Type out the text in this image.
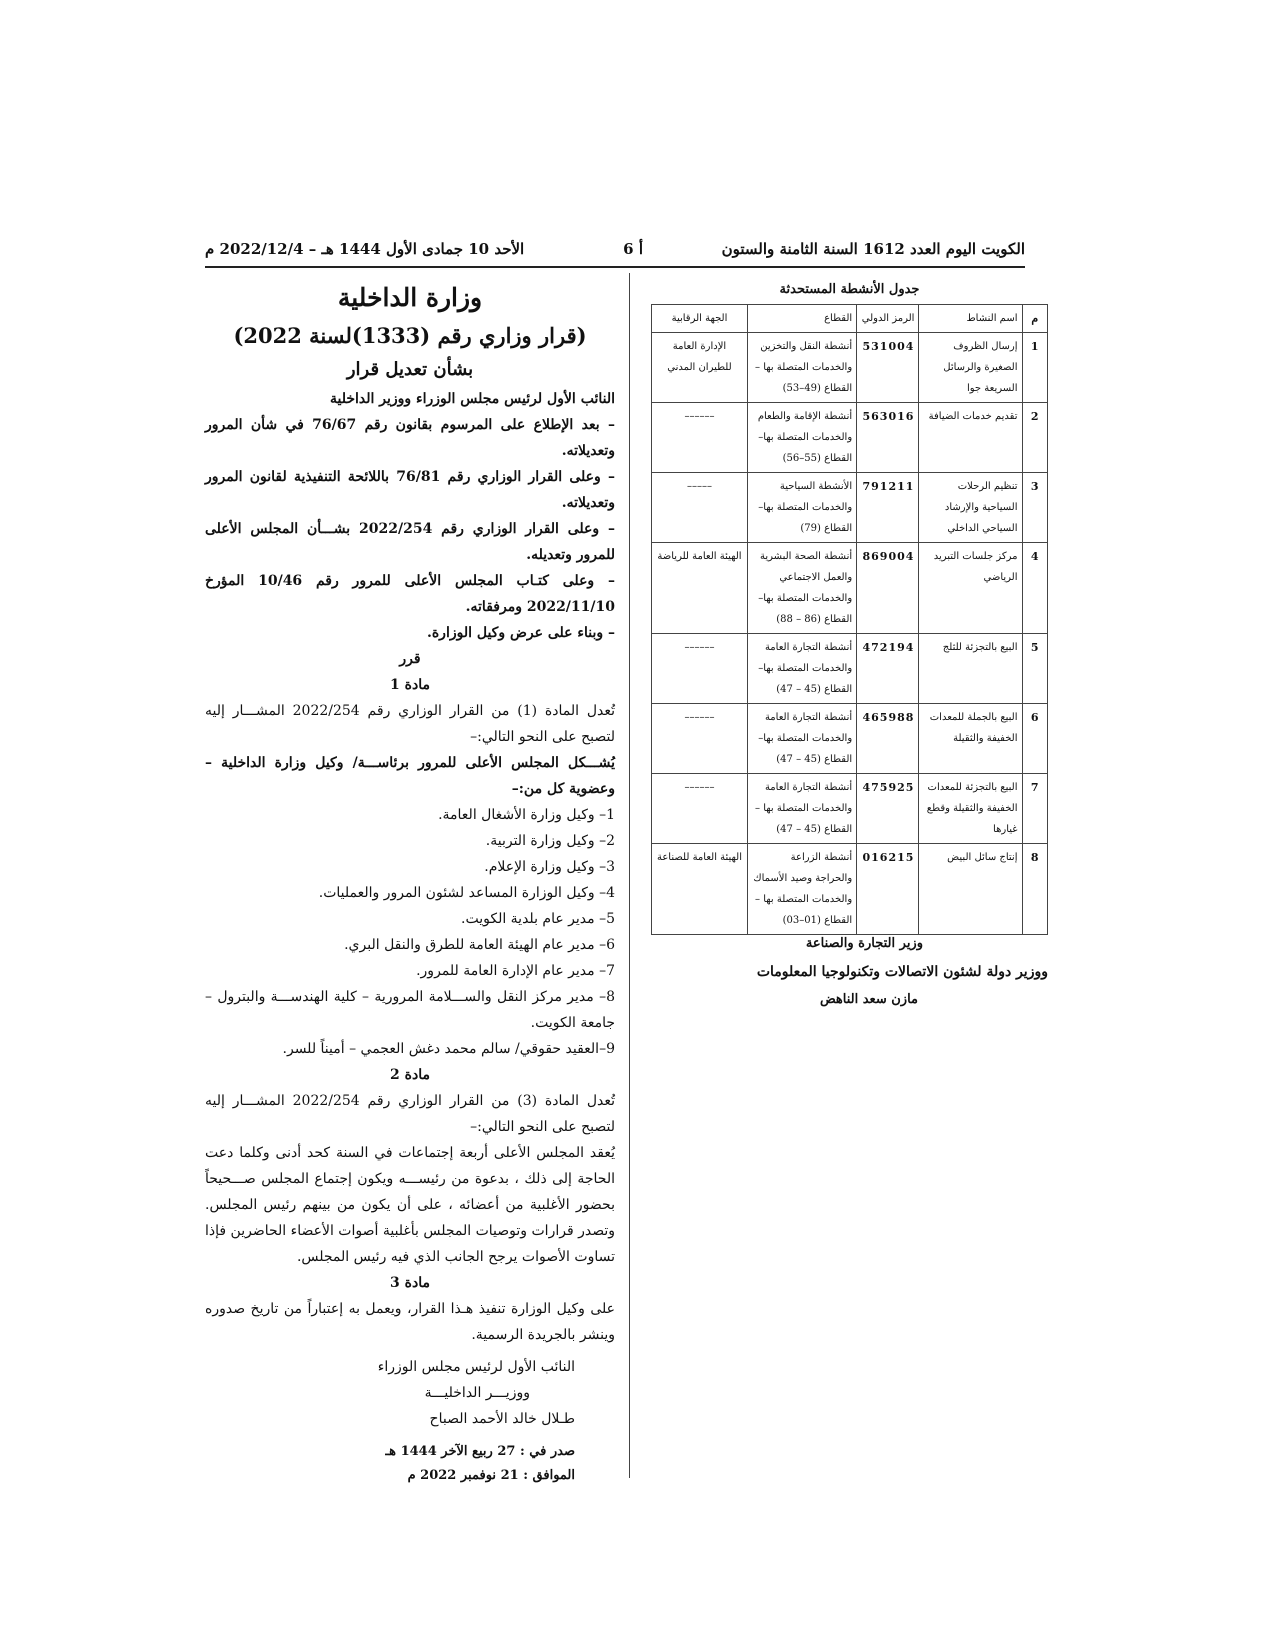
الكويت اليوم العدد 1612 السنة الثامنة والستون
أ 6
الأحد 10 جمادى الأول 1444 هـ – 2022/12/4 م

وزارة الداخلية

(قرار وزاري رقم (1333)لسنة 2022)

بشأن تعديل قرار

النائب الأول لرئيس مجلس الوزراء ووزير الداخلية

– بعد الإطلاع على المرسوم بقانون رقم 76/67 في شأن المرور وتعديلاته.

– وعلى القرار الوزاري رقم 76/81 باللائحة التنفيذية لقانون المرور وتعديلاته.

– وعلى القرار الوزاري رقم 2022/254 بشـــأن المجلس الأعلى للمرور وتعديله.

– وعلى كتـاب المجلس الأعلى للمرور رقم 10/46 المؤرخ 2022/11/10 ومرفقاته.

– وبناء على عرض وكيل الوزارة.

قرر

مادة 1

تُعدل المادة (1) من القرار الوزاري رقم 2022/254 المشـــار إليه لتصبح على النحو التالي:–

يُشـــكل المجلس الأعلى للمرور برئاســـة/ وكيل وزارة الداخلية – وعضوية كل من:–

1– وكيل وزارة الأشغال العامة.

2– وكيل وزارة التربية.

3– وكيل وزارة الإعلام.

4– وكيل الوزارة المساعد لشئون المرور والعمليات.

5– مدير عام بلدية الكويت.

6– مدير عام الهيئة العامة للطرق والنقل البري.

7– مدير عام الإدارة العامة للمرور.

8– مدير مركز النقل والســـلامة المرورية – كلية الهندســـة والبترول – جامعة الكويت.

9–العقيد حقوقي/ سالم محمد دغش العجمي – أميناً للسر.

مادة 2

تُعدل المادة (3) من القرار الوزاري رقم 2022/254 المشـــار إليه لتصبح على النحو التالي:–

يُعقد المجلس الأعلى أربعة إجتماعات في السنة كحد أدنى وكلما دعت الحاجة إلى ذلك ، بدعوة من رئيســـه ويكون إجتماع المجلس صـــحيحاً بحضور الأغلبية من أعضائه ، على أن يكون من بينهم رئيس المجلس. وتصدر قرارات وتوصيات المجلس بأغلبية أصوات الأعضاء الحاضرين فإذا تساوت الأصوات يرجح الجانب الذي فيه رئيس المجلس.

مادة 3

على وكيل الوزارة تنفيذ هـذا القرار، ويعمل به إعتباراً من تاريخ صدوره وينشر بالجريدة الرسمية.

النائب الأول لرئيس مجلس الوزراء

ووزيـــر الداخليـــة

طـلال خالد الأحمد الصباح

صدر في : 27 ربيع الآخر 1444 هـ

الموافق : 21 نوفمبر 2022 م

جدول الأنشطة المستحدثة
م	اسم النشاط	الرمز الدولي	القطاع	الجهة الرقابية
1	إرسال الظروف الصغيرة والرسائل السريعة جوا	531004	أنشطة النقل والتخزين والخدمات المتصلة بها – القطاع (49–53)	الإدارة العامة للطيران المدني
2	تقديم خدمات الضيافة	563016	أنشطة الإقامة والطعام والخدمات المتصلة بها– القطاع (55–56)	––––––
3	تنظيم الرحلات السياحية والإرشاد السياحي الداخلي	791211	الأنشطة السياحية والخدمات المتصلة بها– القطاع (79)	–––––
4	مركز جلسات التبريد الرياضي	869004	أنشطة الصحة البشرية والعمل الاجتماعي والخدمات المتصلة بها– القطاع (86 – 88)	الهيئة العامة للرياضة
5	البيع بالتجزئة للثلج	472194	أنشطة التجارة العامة والخدمات المتصلة بها– القطاع (45 – 47)	––––––
6	البيع بالجملة للمعدات الخفيفة والثقيلة	465988	أنشطة التجارة العامة والخدمات المتصلة بها– القطاع (45 – 47)	––––––
7	البيع بالتجزئة للمعدات الخفيفة والثقيلة وقطع غيارها	475925	أنشطة التجارة العامة والخدمات المتصلة بها – القطاع (45 – 47)	––––––
8	إنتاج سائل البيض	016215	أنشطة الزراعة والحراجة وصيد الأسماك والخدمات المتصلة بها – القطاع (01–03)	الهيئة العامة للصناعة
وزير التجارة والصناعة
ووزير دولة لشئون الاتصالات وتكنولوجيا المعلومات
مازن سعد الناهض
